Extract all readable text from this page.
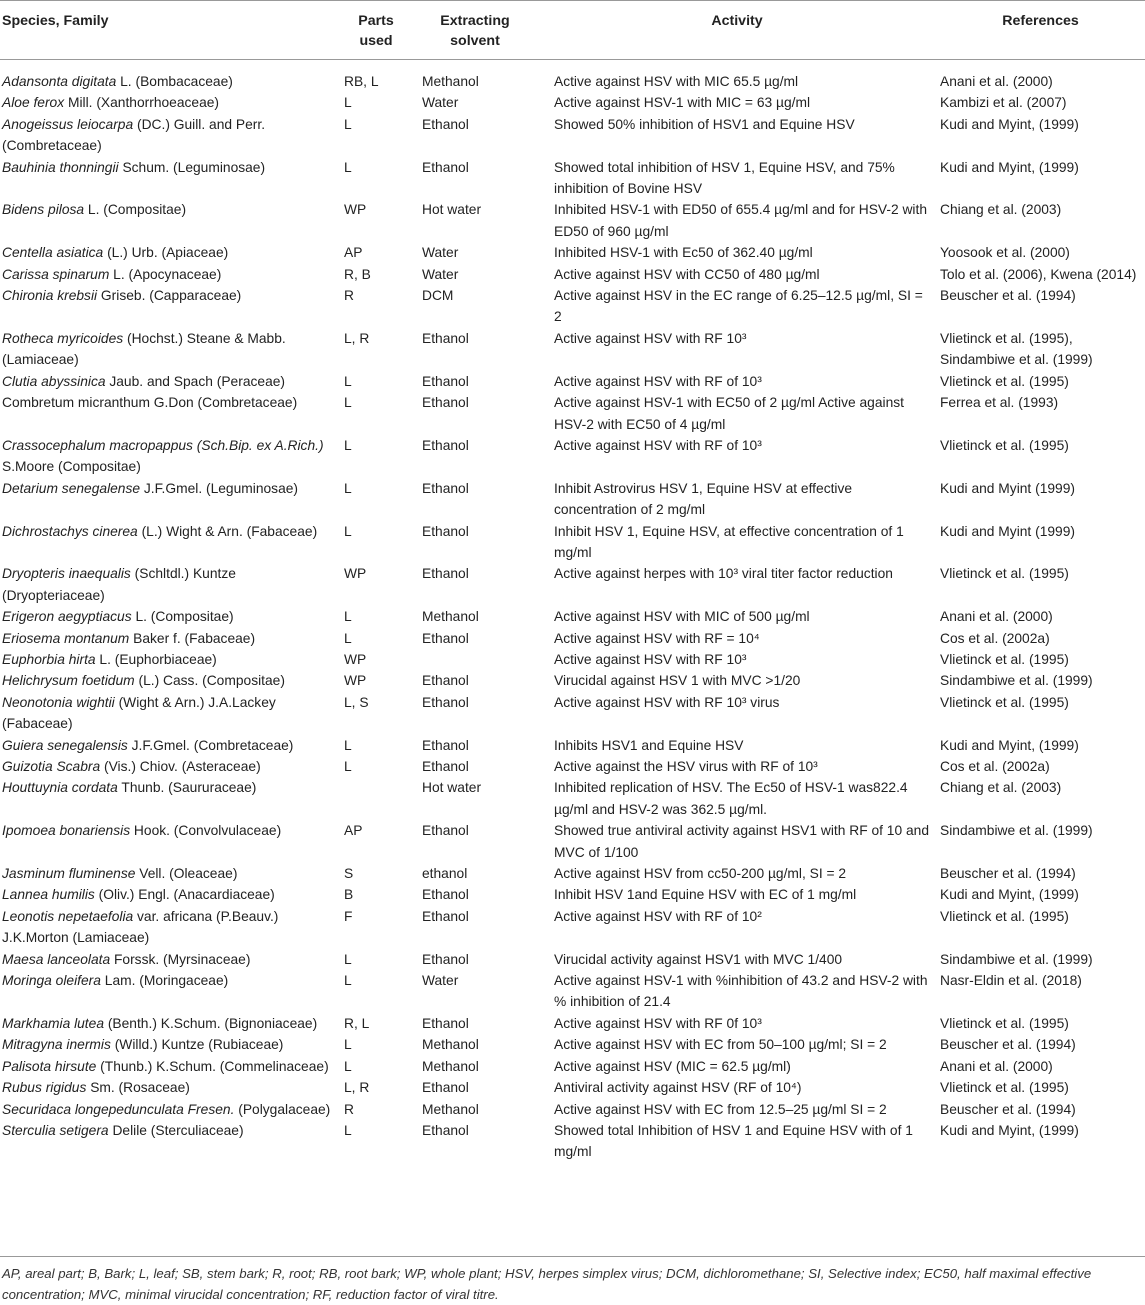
Species, Family	Parts used	Extracting solvent	Activity	References
Adansonta digitata L. (Bombacaceae)	RB, L	Methanol	Active against HSV with MIC 65.5 µg/ml	Anani et al. (2000)
Aloe ferox Mill. (Xanthorrhoeaceae)	L	Water	Active against HSV-1 with MIC = 63 µg/ml	Kambizi et al. (2007)
Anogeissus leiocarpa (DC.) Guill. and Perr. (Combretaceae)	L	Ethanol	Showed 50% inhibition of HSV1 and Equine HSV	Kudi and Myint, (1999)
Bauhinia thonningii Schum. (Leguminosae)	L	Ethanol	Showed total inhibition of HSV 1, Equine HSV, and 75% inhibition of Bovine HSV	Kudi and Myint, (1999)
Bidens pilosa L. (Compositae)	WP	Hot water	Inhibited HSV-1 with ED50 of 655.4 µg/ml and for HSV-2 with ED50 of 960 µg/ml	Chiang et al. (2003)
Centella asiatica (L.) Urb. (Apiaceae)	AP	Water	Inhibited HSV-1 with Ec50 of 362.40 µg/ml	Yoosook et al. (2000)
Carissa spinarum L. (Apocynaceae)	R, B	Water	Active against HSV with CC50 of 480 µg/ml	Tolo et al. (2006), Kwena (2014)
Chironia krebsii Griseb. (Capparaceae)	R	DCM	Active against HSV in the EC range of 6.25–12.5 µg/ml, SI = 2	Beuscher et al. (1994)
Rotheca myricoides (Hochst.) Steane & Mabb. (Lamiaceae)	L, R	Ethanol	Active against HSV with RF 10³	Vlietinck et al. (1995), Sindambiwe et al. (1999)
Clutia abyssinica Jaub. and Spach (Peraceae)	L	Ethanol	Active against HSV with RF of 10³	Vlietinck et al. (1995)
Combretum micranthum G.Don (Combretaceae)	L	Ethanol	Active against HSV-1 with EC50 of 2 µg/ml Active against HSV-2 with EC50 of 4 µg/ml	Ferrea et al. (1993)
Crassocephalum macropappus (Sch.Bip. ex A.Rich.) S.Moore (Compositae)	L	Ethanol	Active against HSV with RF of 10³	Vlietinck et al. (1995)
Detarium senegalense J.F.Gmel. (Leguminosae)	L	Ethanol	Inhibit Astrovirus HSV 1, Equine HSV at effective concentration of 2 mg/ml	Kudi and Myint (1999)
Dichrostachys cinerea (L.) Wight & Arn. (Fabaceae)	L	Ethanol	Inhibit HSV 1, Equine HSV, at effective concentration of 1 mg/ml	Kudi and Myint (1999)
Dryopteris inaequalis (Schltdl.) Kuntze (Dryopteriaceae)	WP	Ethanol	Active against herpes with 10³ viral titer factor reduction	Vlietinck et al. (1995)
Erigeron aegyptiacus L. (Compositae)	L	Methanol	Active against HSV with MIC of 500 µg/ml	Anani et al. (2000)
Eriosema montanum Baker f. (Fabaceae)	L	Ethanol	Active against HSV with RF = 10⁴	Cos et al. (2002a)
Euphorbia hirta L. (Euphorbiaceae)	WP		Active against HSV with RF 10³	Vlietinck et al. (1995)
Helichrysum foetidum (L.) Cass. (Compositae)	WP	Ethanol	Virucidal against HSV 1 with MVC >1/20	Sindambiwe et al. (1999)
Neonotonia wightii (Wight & Arn.) J.A.Lackey (Fabaceae)	L, S	Ethanol	Active against HSV with RF 10³ virus	Vlietinck et al. (1995)
Guiera senegalensis J.F.Gmel. (Combretaceae)	L	Ethanol	Inhibits HSV1 and Equine HSV	Kudi and Myint, (1999)
Guizotia Scabra (Vis.) Chiov. (Asteraceae)	L	Ethanol	Active against the HSV virus with RF of 10³	Cos et al. (2002a)
Houttuynia cordata Thunb. (Saururaceae)		Hot water	Inhibited replication of HSV. The Ec50 of HSV-1 was822.4 µg/ml and HSV-2 was 362.5 µg/ml.	Chiang et al. (2003)
Ipomoea bonariensis Hook. (Convolvulaceae)	AP	Ethanol	Showed true antiviral activity against HSV1 with RF of 10 and MVC of 1/100	Sindambiwe et al. (1999)
Jasminum fluminense Vell. (Oleaceae)	S	ethanol	Active against HSV from cc50-200 µg/ml, SI = 2	Beuscher et al. (1994)
Lannea humilis (Oliv.) Engl. (Anacardiaceae)	B	Ethanol	Inhibit HSV 1and Equine HSV with EC of 1 mg/ml	Kudi and Myint, (1999)
Leonotis nepetaefolia var. africana (P.Beauv.) J.K.Morton (Lamiaceae)	F	Ethanol	Active against HSV with RF of 10²	Vlietinck et al. (1995)
Maesa lanceolata Forssk. (Myrsinaceae)	L	Ethanol	Virucidal activity against HSV1 with MVC 1/400	Sindambiwe et al. (1999)
Moringa oleifera Lam. (Moringaceae)	L	Water	Active against HSV-1 with %inhibition of 43.2 and HSV-2 with % inhibition of 21.4	Nasr-Eldin et al. (2018)
Markhamia lutea (Benth.) K.Schum. (Bignoniaceae)	R, L	Ethanol	Active against HSV with RF 0f 10³	Vlietinck et al. (1995)
Mitragyna inermis (Willd.) Kuntze (Rubiaceae)	L	Methanol	Active against HSV with EC from 50–100 µg/ml; SI = 2	Beuscher et al. (1994)
Palisota hirsute (Thunb.) K.Schum. (Commelinaceae)	L	Methanol	Active against HSV (MIC = 62.5 µg/ml)	Anani et al. (2000)
Rubus rigidus Sm. (Rosaceae)	L, R	Ethanol	Antiviral activity against HSV (RF of 10⁴)	Vlietinck et al. (1995)
Securidaca longepedunculata Fresen. (Polygalaceae)	R	Methanol	Active against HSV with EC from 12.5–25 µg/ml SI = 2	Beuscher et al. (1994)
Sterculia setigera Delile (Sterculiaceae)	L	Ethanol	Showed total Inhibition of HSV 1 and Equine HSV with of 1 mg/ml	Kudi and Myint, (1999)
AP, areal part; B, Bark; L, leaf; SB, stem bark; R, root; RB, root bark; WP, whole plant; HSV, herpes simplex virus; DCM, dichloromethane; SI, Selective index; EC50, half maximal effective concentration; MVC, minimal virucidal concentration; RF, reduction factor of viral titre.
